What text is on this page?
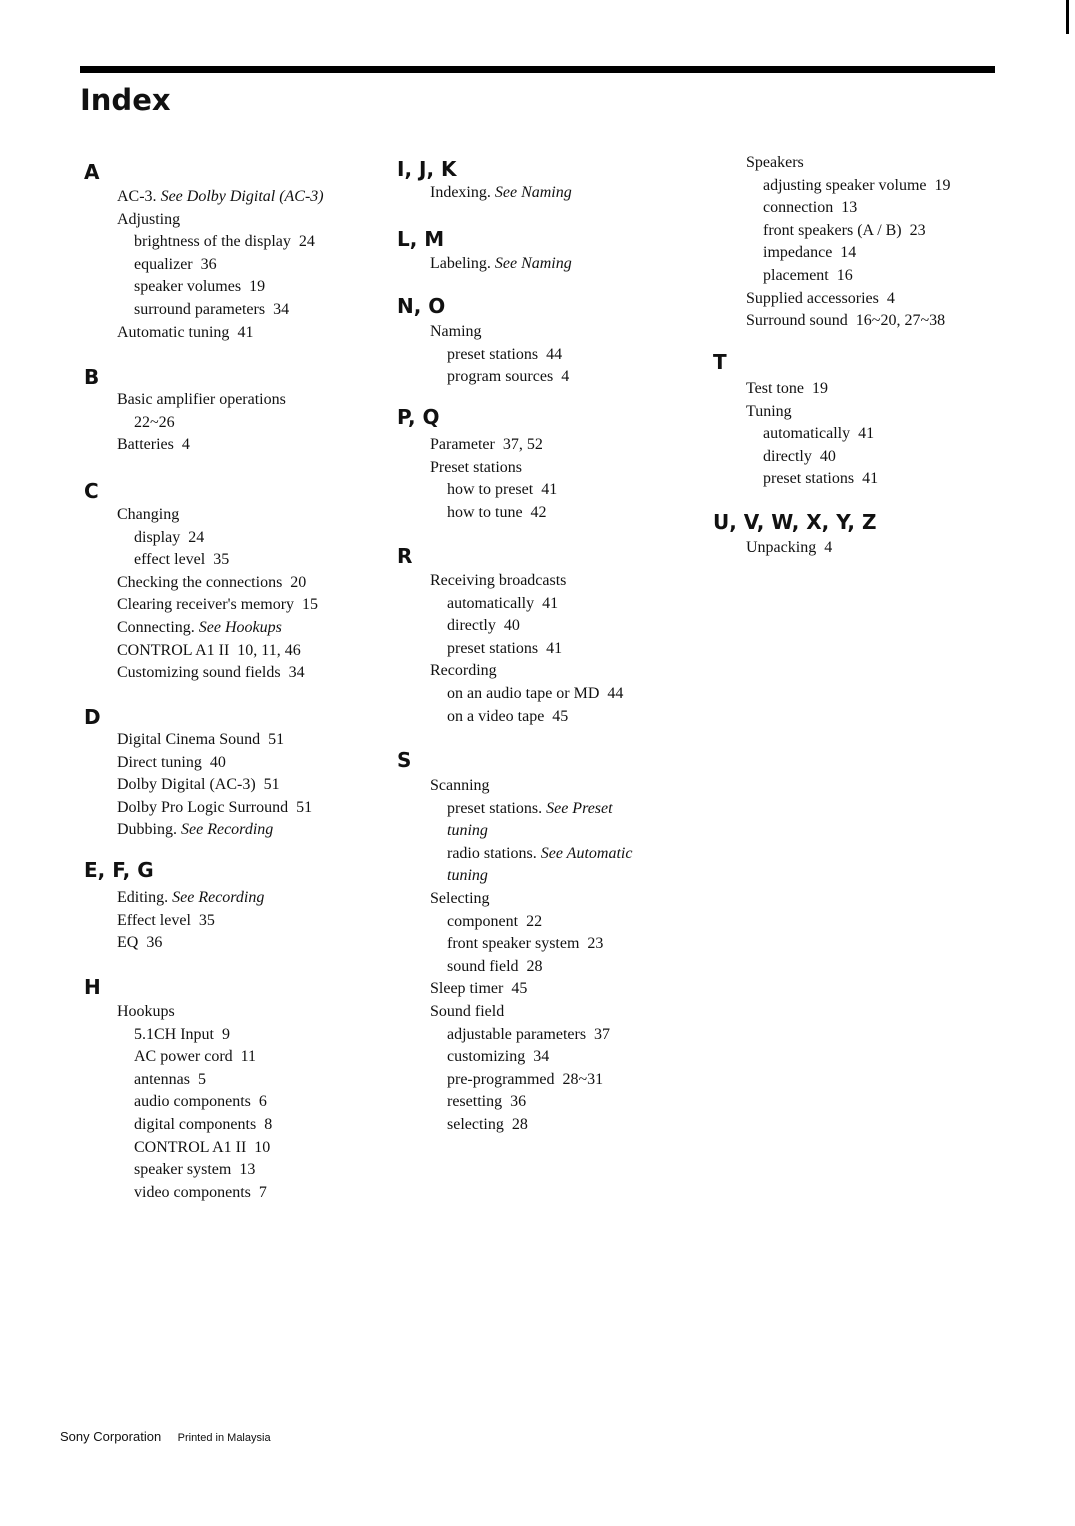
Index
A
AC-3. See Dolby Digital (AC-3)
Adjusting
brightness of the display 24
equalizer 36
speaker volumes 19
surround parameters 34
Automatic tuning 41
B
Basic amplifier operations
22~26
Batteries 4
C
Changing
display 24
effect level 35
Checking the connections 20
Clearing receiver's memory 15
Connecting. See Hookups
CONTROL A1 II 10, 11, 46
Customizing sound fields 34
D
Digital Cinema Sound 51
Direct tuning 40
Dolby Digital (AC-3) 51
Dolby Pro Logic Surround 51
Dubbing. See Recording
E, F, G
Editing. See Recording
Effect level 35
EQ 36
H
Hookups
5.1CH Input 9
AC power cord 11
antennas 5
audio components 6
digital components 8
CONTROL A1 II 10
speaker system 13
video components 7
I, J, K
Indexing. See Naming
L, M
Labeling. See Naming
N, O
Naming
preset stations 44
program sources 4
P, Q
Parameter 37, 52
Preset stations
how to preset 41
how to tune 42
R
Receiving broadcasts
automatically 41
directly 40
preset stations 41
Recording
on an audio tape or MD 44
on a video tape 45
S
Scanning
preset stations. See Preset
tuning
radio stations. See Automatic
tuning
Selecting
component 22
front speaker system 23
sound field 28
Sleep timer 45
Sound field
adjustable parameters 37
customizing 34
pre-programmed 28~31
resetting 36
selecting 28
Speakers
adjusting speaker volume 19
connection 13
front speakers (A / B) 23
impedance 14
placement 16
Supplied accessories 4
Surround sound 16~20, 27~38
T
Test tone 19
Tuning
automatically 41
directly 40
preset stations 41
U, V, W, X, Y, Z
Unpacking 4
Sony Corporation Printed in Malaysia
